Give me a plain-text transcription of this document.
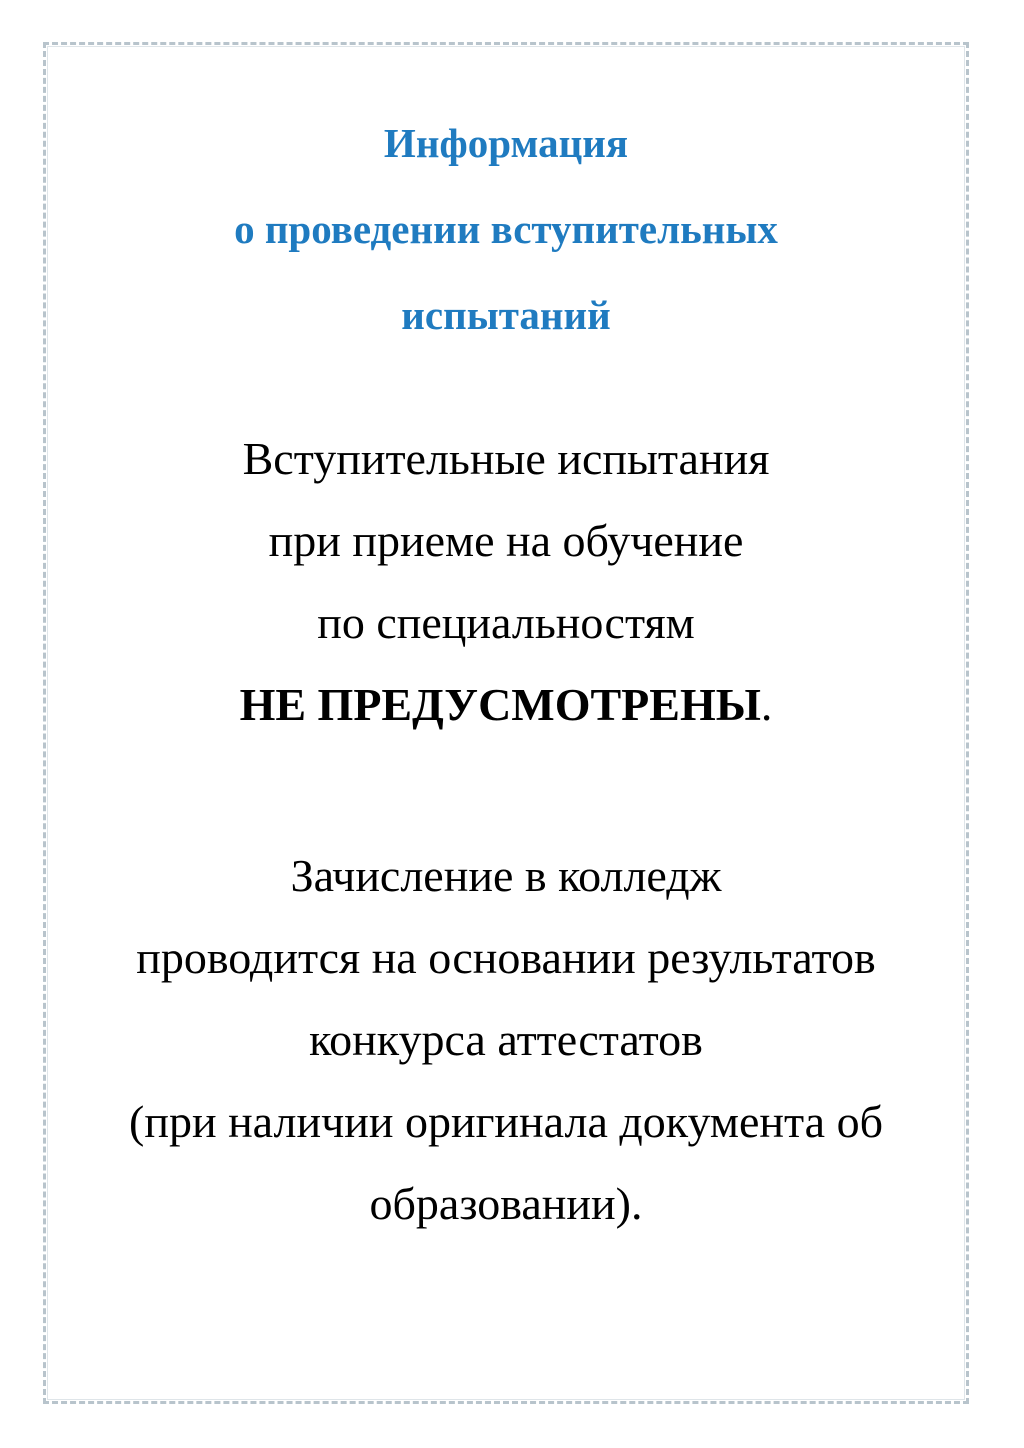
Информация
о проведении вступительных
испытаний
Вступительные испытания
при приеме на обучение
по специальностям
НЕ ПРЕДУСМОТРЕНЫ.
Зачисление в колледж
проводится на основании результатов
конкурса аттестатов
(при наличии оригинала документа об
образовании).
